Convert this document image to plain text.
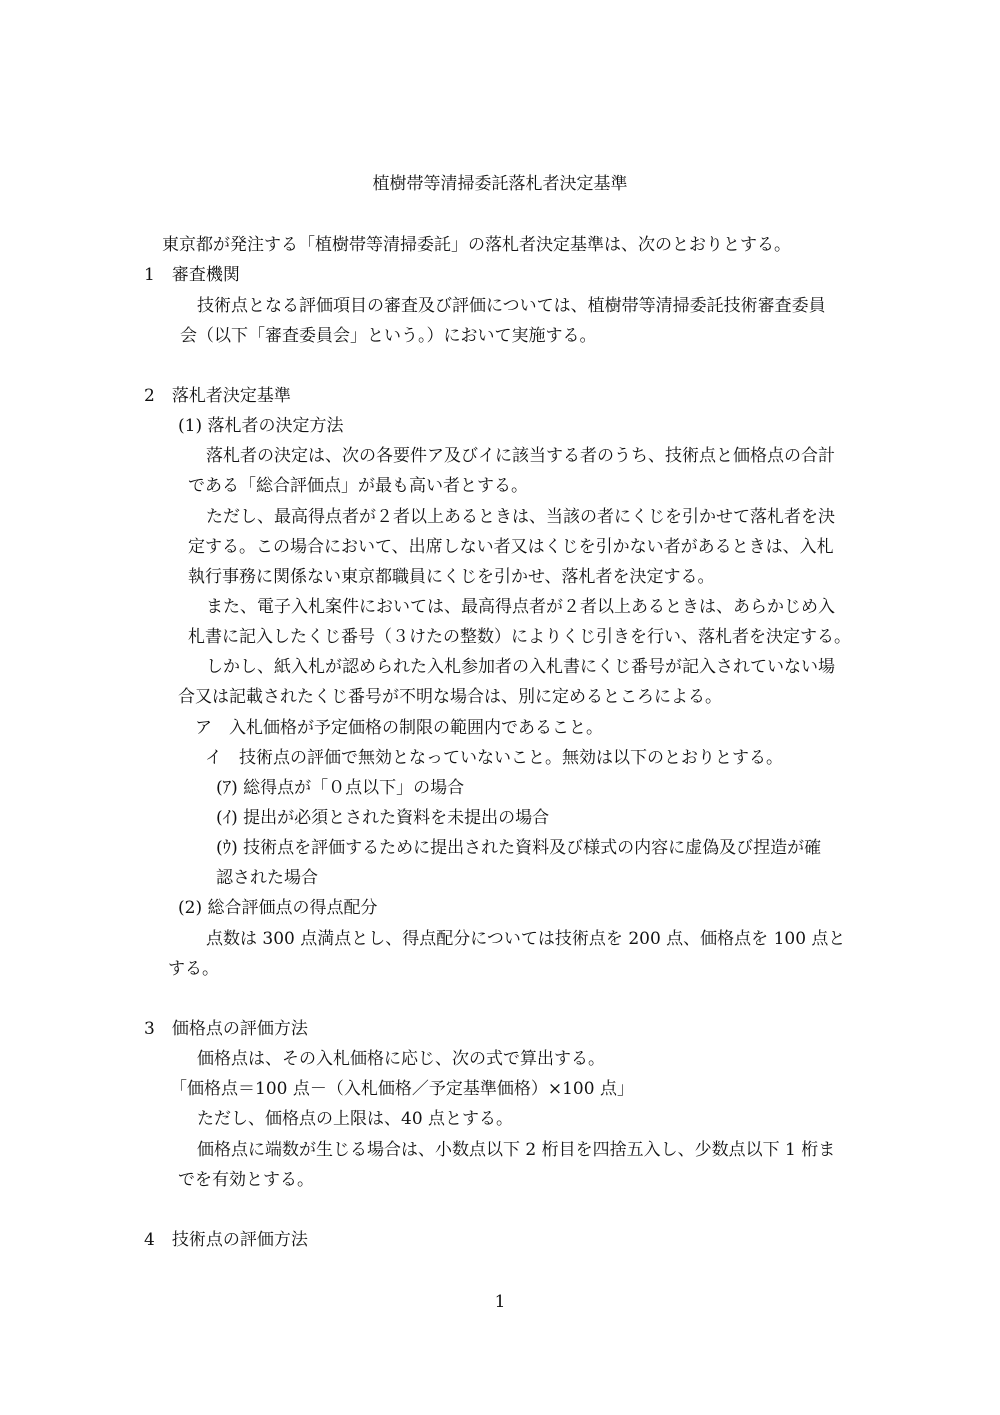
植樹帯等清掃委託落札者決定基準
東京都が発注する「植樹帯等清掃委託」の落札者決定基準は、次のとおりとする。
1　審査機関
技術点となる評価項目の審査及び評価については、植樹帯等清掃委託技術審査委員
会（以下「審査委員会」という。）において実施する。
2　落札者決定基準
(1) 落札者の決定方法
落札者の決定は、次の各要件ア及びイに該当する者のうち、技術点と価格点の合計
である「総合評価点」が最も高い者とする。
ただし、最高得点者が２者以上あるときは、当該の者にくじを引かせて落札者を決
定する。この場合において、出席しない者又はくじを引かない者があるときは、入札
執行事務に関係ない東京都職員にくじを引かせ、落札者を決定する。
また、電子入札案件においては、最高得点者が２者以上あるときは、あらかじめ入
札書に記入したくじ番号（３けたの整数）によりくじ引きを行い、落札者を決定する。
しかし、紙入札が認められた入札参加者の入札書にくじ番号が記入されていない場
合又は記載されたくじ番号が不明な場合は、別に定めるところによる。
ア　入札価格が予定価格の制限の範囲内であること。
イ　技術点の評価で無効となっていないこと。無効は以下のとおりとする。
(ｱ) 総得点が「０点以下」の場合
(ｲ) 提出が必須とされた資料を未提出の場合
(ｳ) 技術点を評価するために提出された資料及び様式の内容に虚偽及び捏造が確
認された場合
(2) 総合評価点の得点配分
点数は 300 点満点とし、得点配分については技術点を 200 点、価格点を 100 点と
する。
3　価格点の評価方法
価格点は、その入札価格に応じ、次の式で算出する。
「価格点＝100 点－（入札価格／予定基準価格）×100 点」
ただし、価格点の上限は、40 点とする。
価格点に端数が生じる場合は、小数点以下 2 桁目を四捨五入し、少数点以下 1 桁ま
でを有効とする。
4　技術点の評価方法
1
